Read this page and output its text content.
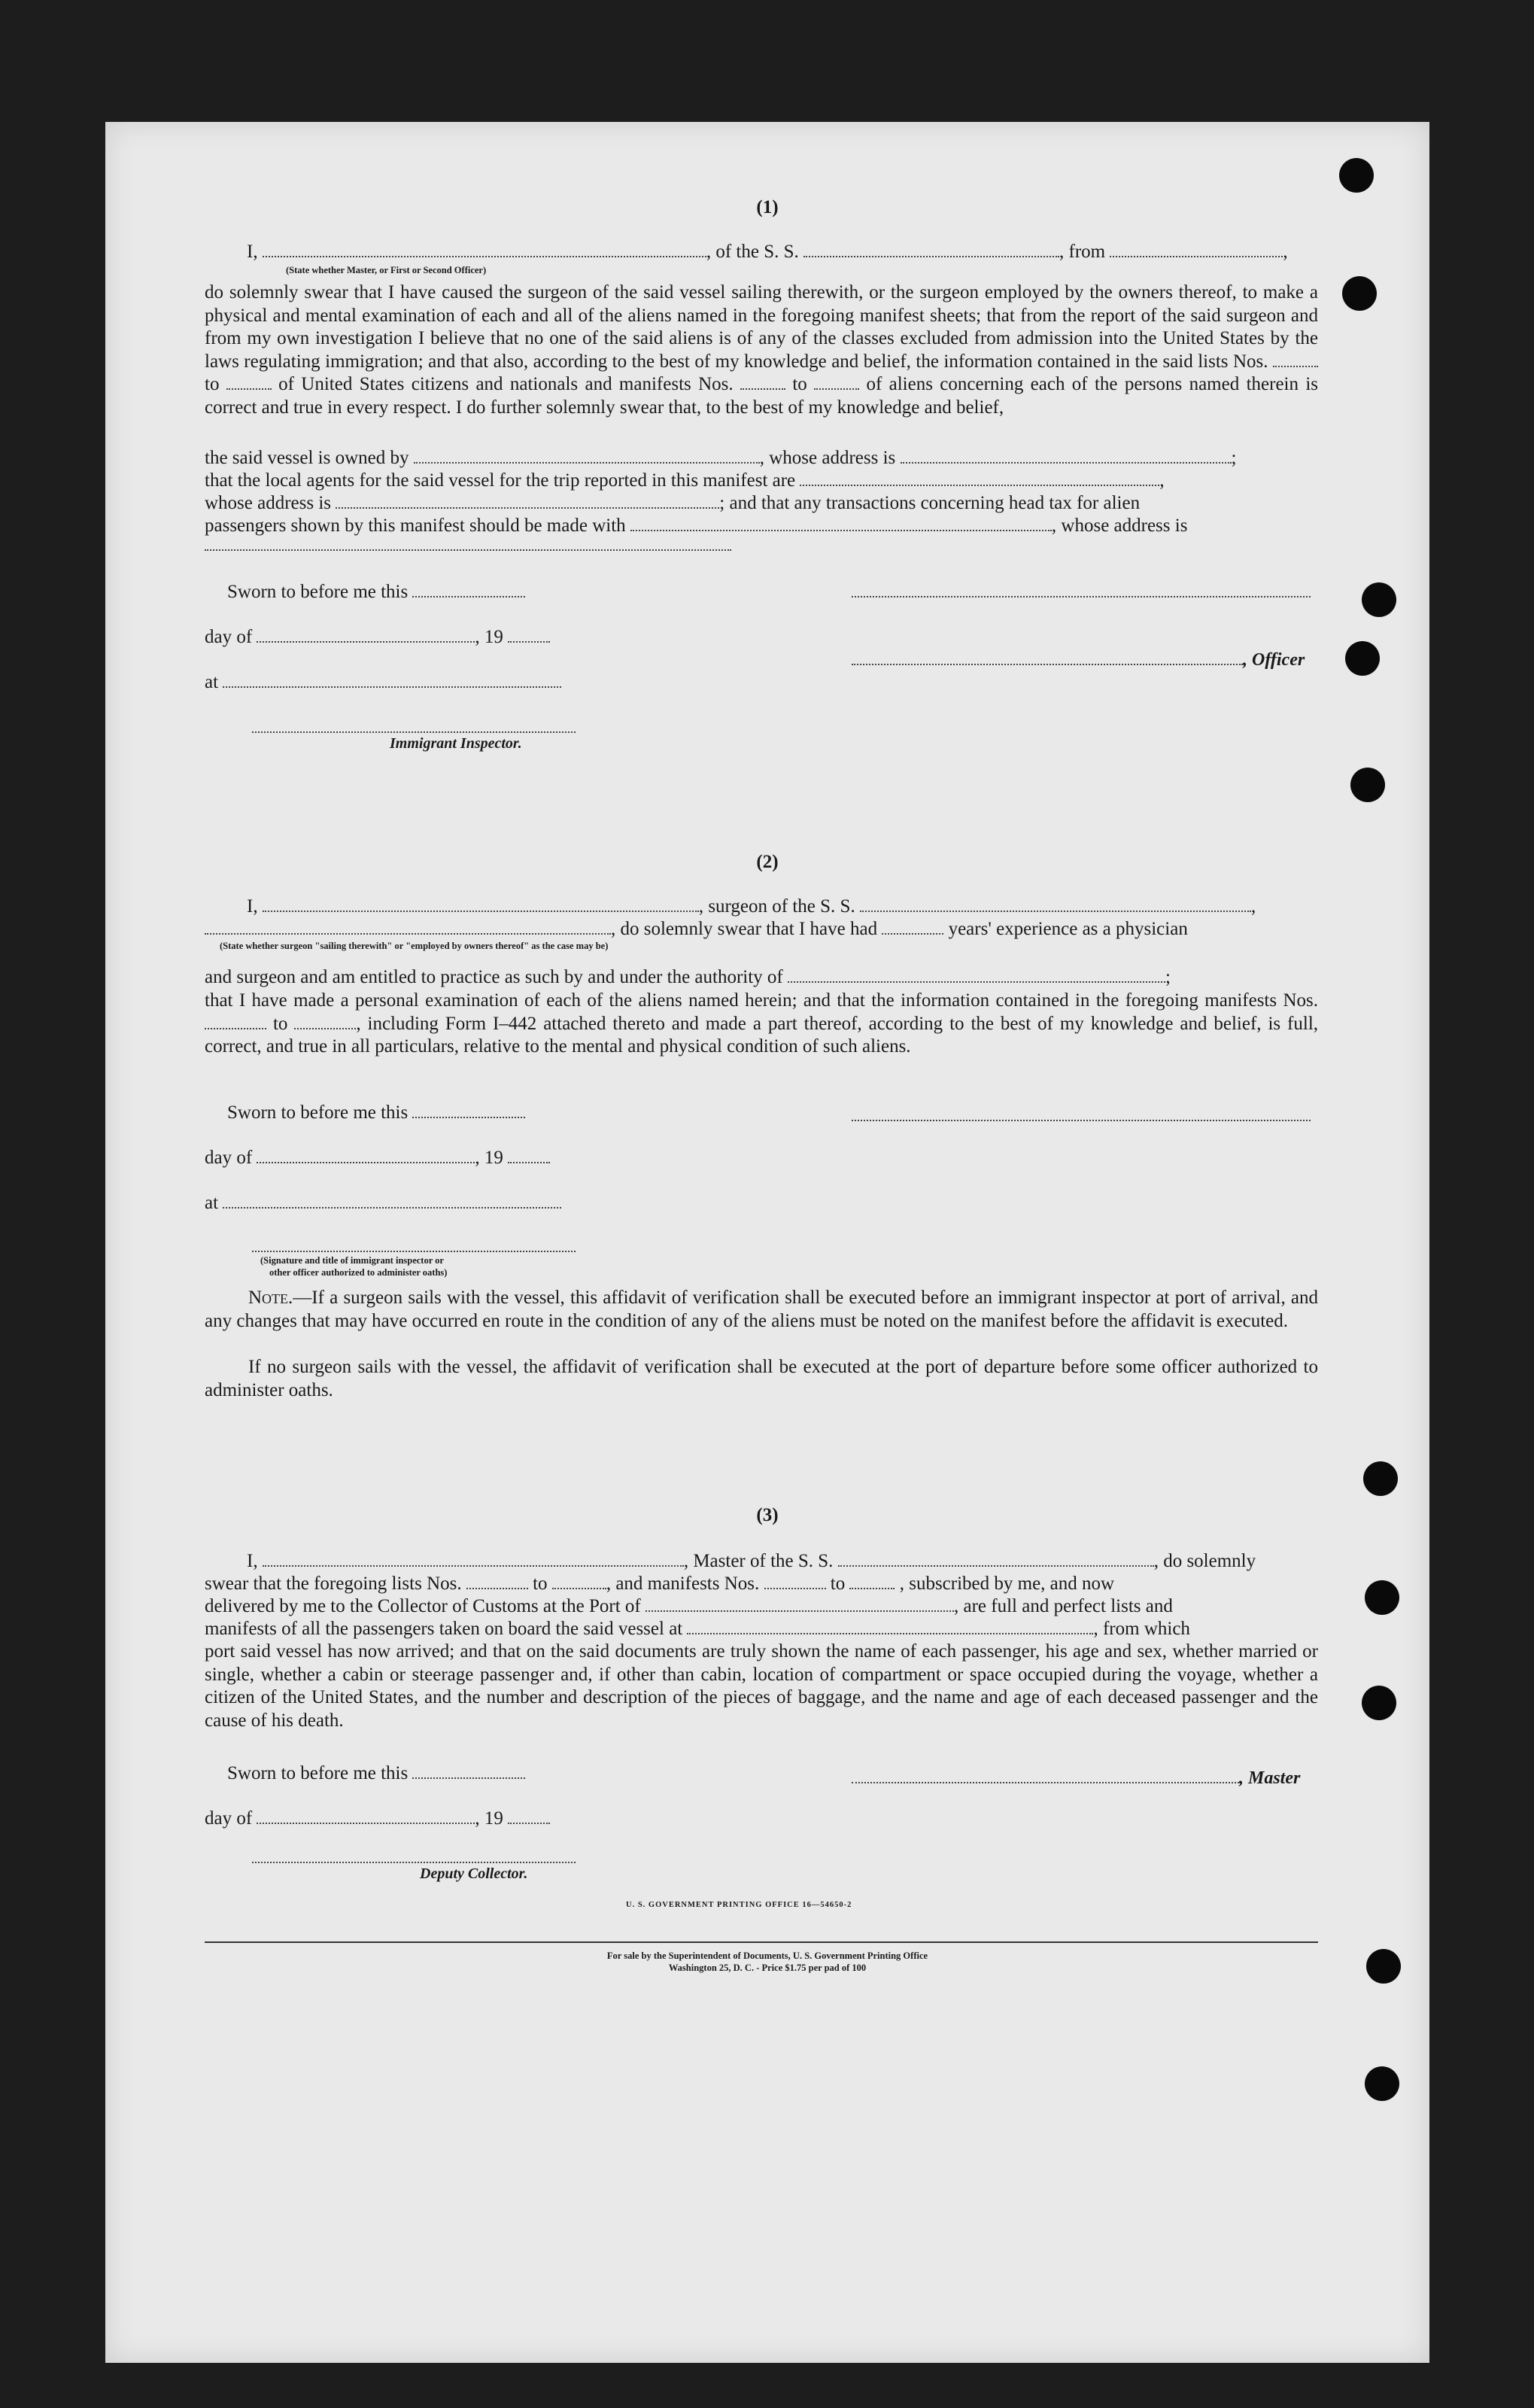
(1)
I,	, of the S. S.	, from	,
(State whether Master, or First or Second Officer)
do solemnly swear that I have caused the surgeon of the said vessel sailing therewith, or the surgeon employed by the owners thereof, to make a physical and mental examination of each and all of the aliens named in the foregoing manifest sheets; that from the report of the said surgeon and from my own investigation I believe that no one of the said aliens is of any of the classes excluded from admission into the United States by the laws regulating immigration; and that also, according to the best of my knowledge and belief, the information contained in the said lists Nos.  to	of United States citizens and nationals and manifests Nos.	to	of aliens concerning each of the persons named therein is correct and true in every respect. I do further solemnly swear that, to the best of my knowledge and belief,
the said vessel is owned by	, whose address is	;
that the local agents for the said vessel for the trip reported in this manifest are	,
whose address is	; and that any transactions concerning head tax for alien
passengers shown by this manifest should be made with	, whose address is
Sworn to before me this
day of	, 19
at
, Officer
Immigrant Inspector.
(2)
I,	, surgeon of the S. S.	,
, do solemnly swear that I have had	years' experience as a physician
(State whether surgeon "sailing therewith" or "employed by owners thereof" as the case may be)
and surgeon and am entitled to practice as such by and under the authority of	;
that I have made a personal examination of each of the aliens named herein; and that the information contained in the foregoing manifests Nos.  to	, including Form I–442 attached thereto and made a part thereof, according to the best of my knowledge and belief, is full, correct, and true in all particulars, relative to the mental and physical condition of such aliens.
Sworn to before me this
day of	, 19
at
(Signature and title of immigrant inspector or
other officer authorized to administer oaths)
Note.—If a surgeon sails with the vessel, this affidavit of verification shall be executed before an immigrant inspector at port of arrival, and any changes that may have occurred en route in the condition of any of the aliens must be noted on the manifest before the affidavit is executed.
If no surgeon sails with the vessel, the affidavit of verification shall be executed at the port of departure before some officer authorized to administer oaths.
(3)
I,	, Master of the S. S.	, do solemnly
swear that the foregoing lists Nos.	to	, and manifests Nos.	to	, subscribed by me, and now
delivered by me to the Collector of Customs at the Port of	, are full and perfect lists and
manifests of all the passengers taken on board the said vessel at	, from which
port said vessel has now arrived; and that on the said documents are truly shown the name of each passenger, his age and sex, whether married or single, whether a cabin or steerage passenger and, if other than cabin, location of compartment or space occupied during the voyage, whether a citizen of the United States, and the number and description of the pieces of baggage, and the name and age of each deceased passenger and the cause of his death.
Sworn to before me this	, Master
day of	, 19
Deputy Collector.
U. S. GOVERNMENT PRINTING OFFICE 16—54650-2
For sale by the Superintendent of Documents, U. S. Government Printing Office
Washington 25, D. C. - Price $1.75 per pad of 100
